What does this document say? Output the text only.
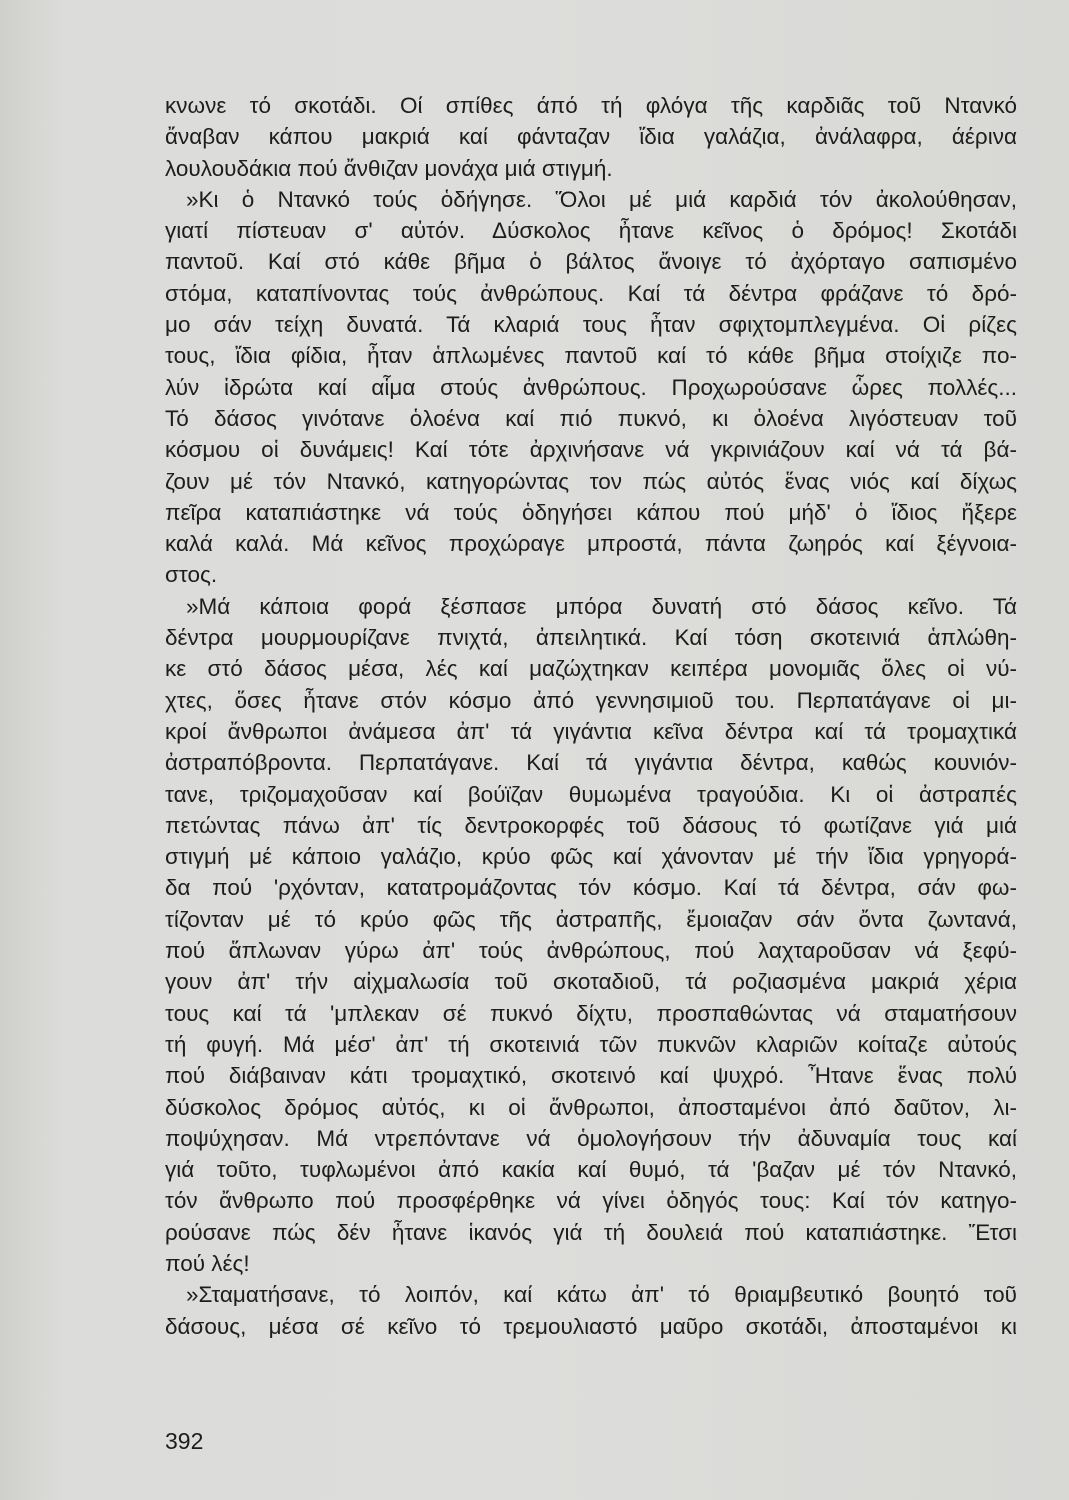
κνωνε τό σκοτάδι. Οί σπίθες άπό τή φλόγα τῆς καρδιᾶς τοῦ Ντανκό
ἄναβαν κάπου μακριά καί φάνταζαν ἴδια γαλάζια, ἀνάλαφρα, άέρινα
λουλουδάκια πού ἄνθιζαν μονάχα μιά στιγμή.
»Κι ὁ Ντανκό τούς ὁδήγησε. Ὅλοι μέ μιά καρδιά τόν ἀκολούθησαν,
γιατί πίστευαν σ' αὐτόν. Δύσκολος ἦτανε κεῖνος ὁ δρόμος! Σκοτάδι
παντοῦ. Καί στό κάθε βῆμα ὁ βάλτος ἄνοιγε τό ἀχόρταγο σαπισμένο
στόμα, καταπίνοντας τούς ἀνθρώπους. Καί τά δέντρα φράζανε τό δρό-
μο σάν τείχη δυνατά. Τά κλαριά τους ἦταν σφιχτομπλεγμένα. Οἱ ρίζες
τους, ἴδια φίδια, ἦταν ἁπλωμένες παντοῦ καί τό κάθε βῆμα στοίχιζε πο-
λύν ἱδρώτα καί αἷμα στούς ἀνθρώπους. Προχωρούσανε ὧρες πολλές...
Τό δάσος γινότανε ὁλοένα καί πιό πυκνό, κι ὁλοένα λιγόστευαν τοῦ
κόσμου οἱ δυνάμεις! Καί τότε ἀρχινήσανε νά γκρινιάζουν καί νά τά βά-
ζουν μέ τόν Ντανκό, κατηγορώντας τον πώς αὐτός ἕνας νιός καί δίχως
πεῖρα καταπιάστηκε νά τούς ὁδηγήσει κάπου πού μήδ' ὁ ἴδιος ἤξερε
καλά καλά. Μά κεῖνος προχώραγε μπροστά, πάντα ζωηρός καί ξέγνοια-
στος.
»Μά κάποια φορά ξέσπασε μπόρα δυνατή στό δάσος κεῖνο. Τά
δέντρα μουρμουρίζανε πνιχτά, ἀπειλητικά. Καί τόση σκοτεινιά ἁπλώθη-
κε στό δάσος μέσα, λές καί μαζώχτηκαν κειπέρα μονομιᾶς ὅλες οἱ νύ-
χτες, ὅσες ἦτανε στόν κόσμο ἀπό γεννησιμιοῦ του. Περπατάγανε οἱ μι-
κροί ἄνθρωποι ἀνάμεσα ἀπ' τά γιγάντια κεῖνα δέντρα καί τά τρομαχτικά
ἀστραπόβροντα. Περπατάγανε. Καί τά γιγάντια δέντρα, καθώς κουνιόν-
τανε, τριζομαχοῦσαν καί βούϊζαν θυμωμένα τραγούδια. Κι οἱ ἀστραπές
πετώντας πάνω ἀπ' τίς δεντροκορφές τοῦ δάσους τό φωτίζανε γιά μιά
στιγμή μέ κάποιο γαλάζιο, κρύο φῶς καί χάνονταν μέ τήν ἴδια γρηγορά-
δα πού 'ρχόνταν, κατατρομάζοντας τόν κόσμο. Καί τά δέντρα, σάν φω-
τίζονταν μέ τό κρύο φῶς τῆς ἀστραπῆς, ἔμοιαζαν σάν ὄντα ζωντανά,
πού ἅπλωναν γύρω ἀπ' τούς ἀνθρώπους, πού λαχταροῦσαν νά ξεφύ-
γουν ἀπ' τήν αἰχμαλωσία τοῦ σκοταδιοῦ, τά ροζιασμένα μακριά χέρια
τους καί τά 'μπλεκαν σέ πυκνό δίχτυ, προσπαθώντας νά σταματήσουν
τή φυγή. Μά μέσ' ἀπ' τή σκοτεινιά τῶν πυκνῶν κλαριῶν κοίταζε αὐτούς
πού διάβαιναν κάτι τρομαχτικό, σκοτεινό καί ψυχρό. Ἦτανε ἕνας πολύ
δύσκολος δρόμος αὐτός, κι οἱ ἄνθρωποι, ἀποσταμένοι ἀπό δαῦτον, λι-
ποψύχησαν. Μά ντρεπόντανε νά ὁμολογήσουν τήν ἀδυναμία τους καί
γιά τοῦτο, τυφλωμένοι ἀπό κακία καί θυμό, τά 'βαζαν μέ τόν Ντανκό,
τόν ἄνθρωπο πού προσφέρθηκε νά γίνει ὁδηγός τους: Καί τόν κατηγο-
ρούσανε πώς δέν ἦτανε ἱκανός γιά τή δουλειά πού καταπιάστηκε. Ἔτσι
πού λές!
»Σταματήσανε, τό λοιπόν, καί κάτω ἀπ' τό θριαμβευτικό βουητό τοῦ
δάσους, μέσα σέ κεῖνο τό τρεμουλιαστό μαῦρο σκοτάδι, ἀποσταμένοι κι
392
